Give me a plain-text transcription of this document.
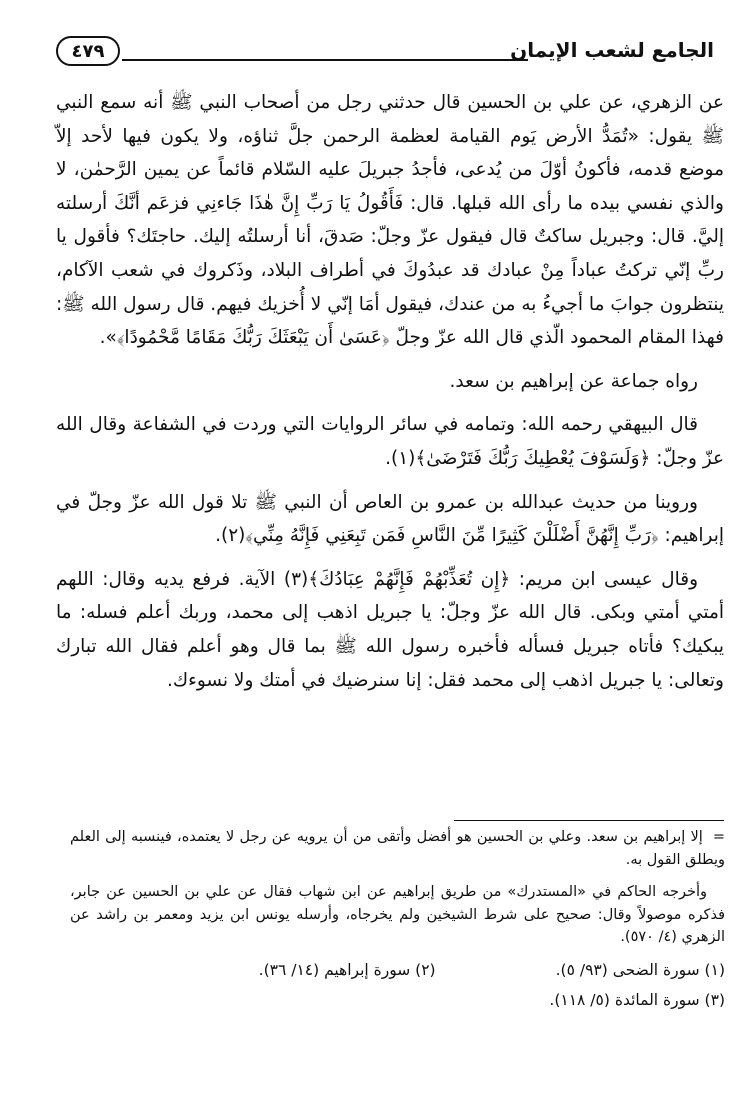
الجامع لشعب الإيمان
٤٧٩

عن الزهري، عن علي بن الحسين قال حدثني رجل من أصحاب النبي ﷺ أنه سمع النبي ﷺ يقول: «تُمَدُّ الأرض يَوم القيامة لعظمة الرحمن جلَّ ثناؤه، ولا يكون فيها لأحد إلاّ موضع قدمه، فأكونُ أوّلَ من يُدعى، فأجدُ جبريلَ عليه السّلام قائماً عن يمين الرَّحمٰن، لا والذي نفسي بيده ما رأى الله قبلها. قال: فَأَقُولُ يَا رَبِّ إِنَّ هٰذَا جَاءنِي فزعَم أنَّكَ أرسلته إليَّ. قال: وجبريل ساكتٌ قال فيقول عزّ وجلّ: صَدقَ، أنا أرسلتُه إليك. حاجتَك؟ فأقول يا ربِّ إنّي تركتُ عباداً مِنْ عبادك قد عبدُوكَ في أطراف البلاد، وذَكروك في شعب الآكام، ينتظرون جوابَ ما أجيءُ به من عندك، فيقول أمَا إنّي لا أُخزيك فيهم. قال رسول الله ﷺ: فهذا المقام المحمود الّذي قال الله عزّ وجلّ ﴿عَسَىٰ أَن يَبْعَثَكَ رَبُّكَ مَقَامًا مَّحْمُودًا﴾».

رواه جماعة عن إبراهيم بن سعد.

قال البيهقي رحمه الله: وتمامه في سائر الروايات التي وردت في الشفاعة وقال الله عزّ وجلّ: ﴿وَلَسَوْفَ يُعْطِيكَ رَبُّكَ فَتَرْضَىٰ﴾(١).

وروينا من حديث عبدالله بن عمرو بن العاص أن النبي ﷺ تلا قول الله عزّ وجلّ في إبراهيم: ﴿رَبِّ إِنَّهُنَّ أَضْلَلْنَ كَثِيرًا مِّنَ النَّاسِ فَمَن تَبِعَنِي فَإِنَّهُ مِنِّي﴾(٢).

وقال عيسى ابن مريم: ﴿إِن تُعَذِّبْهُمْ فَإِنَّهُمْ عِبَادُكَ﴾(٣) الآية. فرفع يديه وقال: اللهم أمتي أمتي وبكى. قال الله عزّ وجلّ: يا جبريل اذهب إلى محمد، وربك أعلم فسله: ما يبكيك؟ فأتاه جبريل فسأله فأخبره رسول الله ﷺ بما قال وهو أعلم فقال الله تبارك وتعالى: يا جبريل اذهب إلى محمد فقل: إنا سنرضيك في أمتك ولا نسوءك.

=إلا إبراهيم بن سعد. وعلي بن الحسين هو أفضل وأتقى من أن يرويه عن رجل لا يعتمده، فينسبه إلى العلم ويطلق القول به.

وأخرجه الحاكم في «المستدرك» من طريق إبراهيم عن ابن شهاب فقال عن علي بن الحسين عن جابر، فذكره موصولاً وقال: صحيح على شرط الشيخين ولم يخرجاه، وأرسله يونس ابن يزيد ومعمر بن راشد عن الزهري (٤/ ٥٧٠).

(١) سورة الضحى (٩٣/ ٥).
(٢) سورة إبراهيم (١٤/ ٣٦).
(٣) سورة المائدة (٥/ ١١٨).
